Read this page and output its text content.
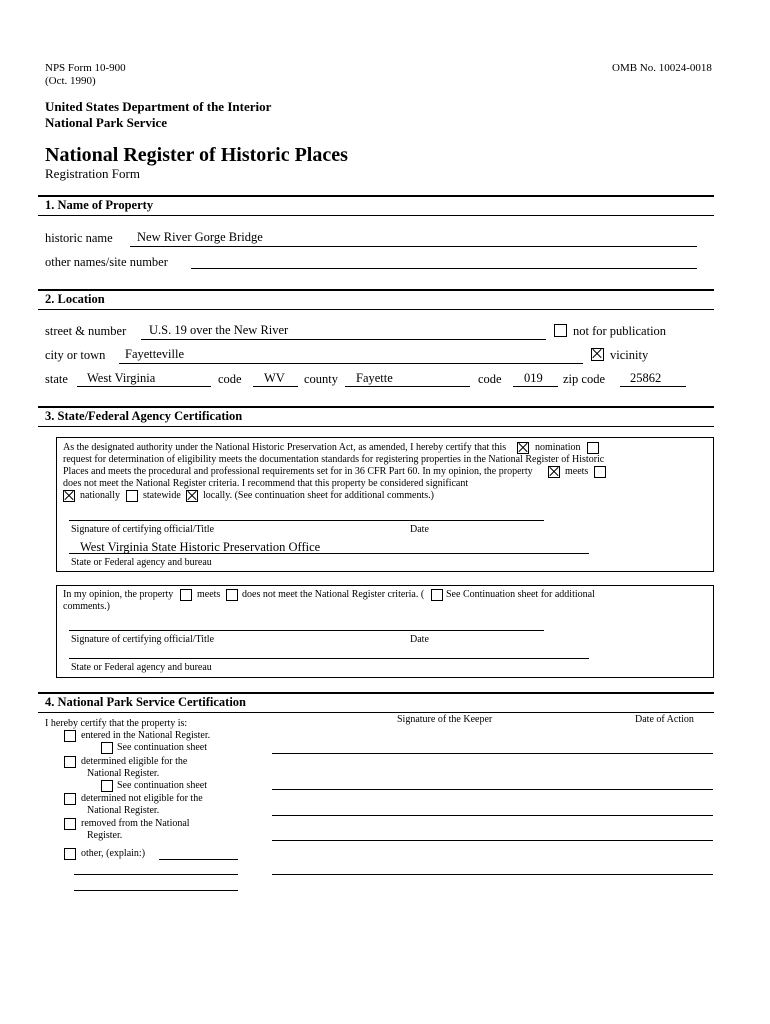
NPS Form 10-900
(Oct. 1990)
OMB No. 10024-0018
United States Department of the Interior
National Park Service
National Register of Historic Places
Registration Form
1. Name of Property
historic name New River Gorge Bridge
other names/site number
2. Location
street & number U.S. 19 over the New River	not for publication
city or town Fayetteville	vicinity
state West Virginia	code WV county Fayette	code 019 zip code 25862
3. State/Federal Agency Certification
As the designated authority under the National Historic Preservation Act, as amended, I hereby certify that this	nomination
request for determination of eligibility meets the documentation standards for registering properties in the National Register of Historic
Places and meets the procedural and professional requirements set for in 36 CFR Part 60. In my opinion, the property	meets
does not meet the National Register criteria. I recommend that this property be considered significant
nationally statewide locally. (See continuation sheet for additional comments.)
Signature of certifying official/Title	Date
West Virginia State Historic Preservation Office
State or Federal agency and bureau
In my opinion, the property meets does not meet the National Register criteria. ( See Continuation sheet for additional
comments.)
Signature of certifying official/Title	Date
State or Federal agency and bureau
4. National Park Service Certification
I hereby certify that the property is:	Signature of the Keeper	Date of Action
entered in the National Register.
See continuation sheet
determined eligible for the
National Register.
See continuation sheet
determined not eligible for the
National Register.
removed from the National
Register.
other, (explain:)
